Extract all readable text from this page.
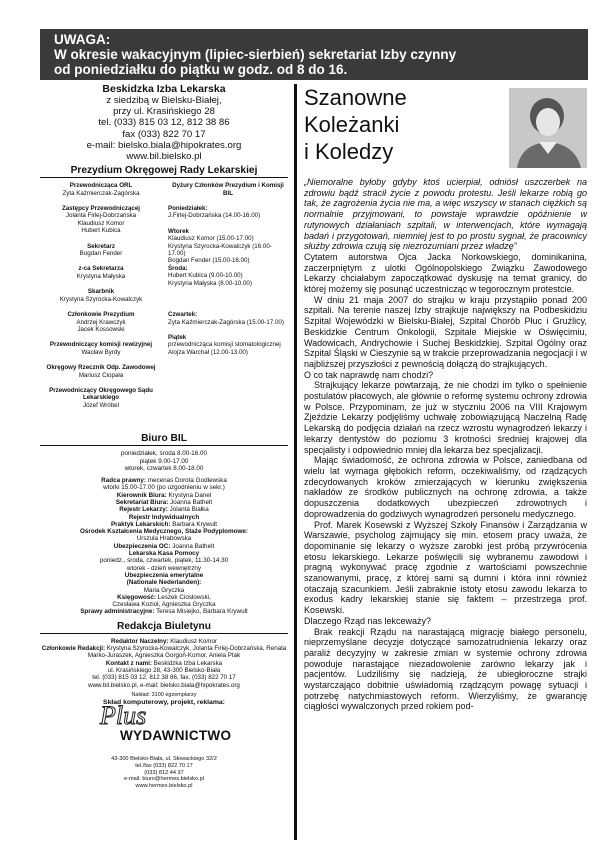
UWAGA:
W okresie wakacyjnym (lipiec-sierbień) sekretariat Izby czynny
od poniedziałku do piątku w godz. od 8 do 16.
Beskidzka Izba Lekarska
z siedzibą w Bielsku-Białej,
przy ul. Krasińskiego 28
tel. (033) 815 03 12, 812 38 86
fax (033) 822 70 17
e-mail: bielsko.biala@hipokrates.org
www.bil.bielsko.pl
Prezydium Okręgowej Rady Lekarskiej
Przewodnicząca ORL
Zyta Kaźmierczak-Zagórska
Zastępcy Przewodniczącej
Jolanta Firlej-Dobrzańska
Klaudiusz Komor
Hubert Kubica
Sekretarz
Bogdan Fender
z-ca Sekretarza
Krystyna Małyska
Skarbnik
Krystyna Szyrocka-Kowalczyk
Członkowie Prezydium
Andrzej Krawczyk
Jacek Kossowski
Przewodniczący komisji rewizyjnej
Wacław Byrdy
Okręgowy Rzecznik Odp. Zawodowej
Mariusz Ciopała
Przewodniczący Okręgowego Sądu Lekarskiego
Józef Wróbel
Dyżury Członków Prezydium i Komisji BIL
Poniedziałek:
J.Firlej-Dobrzańska (14.00-16.00)
Wtorek
Klaudiusz Komor (15.00-17.00)
Krystyna Szyrocka-Kowalczyk (16.00-17.00)
Bogdan Fender (15.00-16.00)
Środa:
Hubert Kubica (9.00-10.00)
Krystyna Małyska (8.00-10.00)
Czwartek:
Zyta Kaźmierczak-Zagórska (15.00-17.00)
Piątek
przewodnicząca komisji stomatologicznej
Alojza Warchał (12.00-13.00)
Biuro BIL
poniedziałek, środa 8.00-16.00
piątek 9.00-17.00
wtorek, czwartek 8.00-18.00
Radca prawny: mecenas Dorota Godlewska
wtorki 15.00-17.00 (po uzgodnieniu w sekr.)
Kierownik Biura: Krystyna Danel
Sekretariat Biura: Joanna Bathelt
Rejestr Lekarzy: Jolanta Białka
Rejestr Indywidualnych
Praktyk Lekarskich: Barbara Krywult
Ośrodek Kształcenia Medycznego, Staże Podyplomowe:
Urszula Hrabowska
Ubezpieczenia OC: Joanna Bathelt
Lekarska Kasa Pomocy
poniedz., środa, czwartek, piątek, 11.30-14.30
wtorek - dzień wewnętrzny
Ubezpieczenia emerytalne
(Nationale Nederlanden):
Maria Gryczka
Księgowość: Leszek Ciosłowski,
Czesława Kozioł, Agnieszka Gryczka
Sprawy administracyjne: Teresa Misiejko, Barbara Krywult
Redakcja Biuletynu
Redaktor Naczelny: Klaudiusz Komor
Członkowie Redakcji: Krystyna Szyrocka-Kowalczyk, Jolanta Firlej-Dobrzańska, Renata Marko-Juraszek, Agnieszka Gorgoń-Komor, Aniela Ptak
Kontakt z nami: Beskidzka Izba Lekarska
ul. Krasińskiego 28, 43-300 Bielsko-Biała
tel. (033) 815 03 12, 812 38 86, fax. (033) 822 70 17
www.bil.bielsko.pl, e-mail: bielsko.biala@hipokrates.org
Nakład: 3100 egzemplarzy
Skład komputerowy, projekt, reklama:
Plus
WYDAWNICTWO
43-300 Bielsko-Biała, ul. Słowackiego 32/2
tel./fax (033) 822 70 17
(033) 812 44 37
e-mail: biuro@hermes.bielsko.pl
www.hermes.bielsko.pl
Szanowne
Koleżanki
i Koledzy

„Niemoralne byłoby gdyby ktoś ucierpiał, odniósł uszczerbek na zdrowiu bądź stracił życie z powodu protestu. Jeśli lekarze robią go tak, że zagrożenia życia nie ma, a więc wszyscy w stanach ciężkich są normalnie przyjmowani, to powstaje wprawdzie opóźnienie w rutynowych działaniach szpitali, w interwencjach, które wymagają badań i przygotowań, niemniej jest to po prostu sygnał, że pracownicy służby zdrowia czują się niezrozumiani przez władzę”

Cytatem autorstwa Ojca Jacka Norkowskiego, dominikanina, zaczerpniętym z ulotki Ogólnopolskiego Związku Zawodowego Lekarzy chciałabym zapoczątkować dyskusję na temat granicy, do której możemy się posunąć uczestnicząc w tegorocznym protestcie.

W dniu 21 maja 2007 do strajku w kraju przystąpiło ponad 200 szpitali. Na terenie naszej Izby strajkuje największy na Podbeskidziu Szpital Wojewódzki w Bielsku-Białej, Szpital Chorób Płuc i Gruźlicy, Beskidzkie Centrum Onkologii, Szpitale Miejskie w Oświęcimiu, Wadowicach, Andrychowie i Suchej Beskidzkiej. Szpital Ogólny oraz Szpital Śląski w Cieszynie są w trakcie przeprowadzania negocjacji i w najbliższej przyszłości z pewnością dołączą do strajkujących.

O co tak naprawdę nam chodzi?

Strajkujący lekarze powtarzają, że nie chodzi im tylko o spełnienie postulatów płacowych, ale głównie o reformę systemu ochrony zdrowia w Polsce. Przypominam, że już w styczniu 2006 na VIII Krajowym Zjeździe Lekarzy podjęliśmy uchwałę zobowiązującą Naczelną Radę Lekarską do podjęcia działań na rzecz wzrostu wynagrodzeń lekarzy i lekarzy dentystów do poziomu 3 krotności średniej krajowej dla specjalisty i odpowiednio mniej dla lekarza bez specjalizacji.

Mając świadomość, że ochrona zdrowia w Polsce, zaniedbana od wielu lat wymaga głębokich reform, oczekiwaliśmy, od rządzących zdecydowanych kroków zmierzających w kierunku zwiększenia nakładów ze środków publicznych na ochronę zdrowia, a także dopuszczenia dodatkowych ubezpieczeń zdrowotnych i doprowadzenia do godziwych wynagrodzeń personelu medycznego.

Prof. Marek Kosewski z Wyższej Szkoły Finansów i Zarządzania w Warszawie, psycholog zajmujący się min. etosem pracy uważa, że dopominanie się lekarzy o wyższe zarobki jest próbą przywrócenia etosu lekarskiego. Lekarze poświęcili się wybranemu zawodowi i pragną wykonywać pracę zgodnie z wartościami powszechnie szanowanymi, pracę, z której sami są dumni i która inni również otaczają szacunkiem. Jeśli zabraknie istoty etosu zawodu lekarza to exodus kadry lekarskiej stanie się faktem – przestrzega prof. Kosewski.

Dlaczego Rząd nas lekceważy?

Brak reakcji Rządu na narastającą migrację białego personelu, nieprzemyślane decyzje dotyczące samozatrudnienia lekarzy oraz paraliż decyzyjny w zakresie zmian w systemie ochrony zdrowia powoduje narastające niezadowolenie zarówno lekarzy jak i pacjentów. Ludziliśmy się nadzieją, że ubiegłoroczne strajki wystarczająco dobitnie uświadomią rządzącym powagę sytuacji i potrzebę natychmiastowych reform. Wierzyliśmy, że gwarancję ciągłości wywalczonych przed rokiem pod-
